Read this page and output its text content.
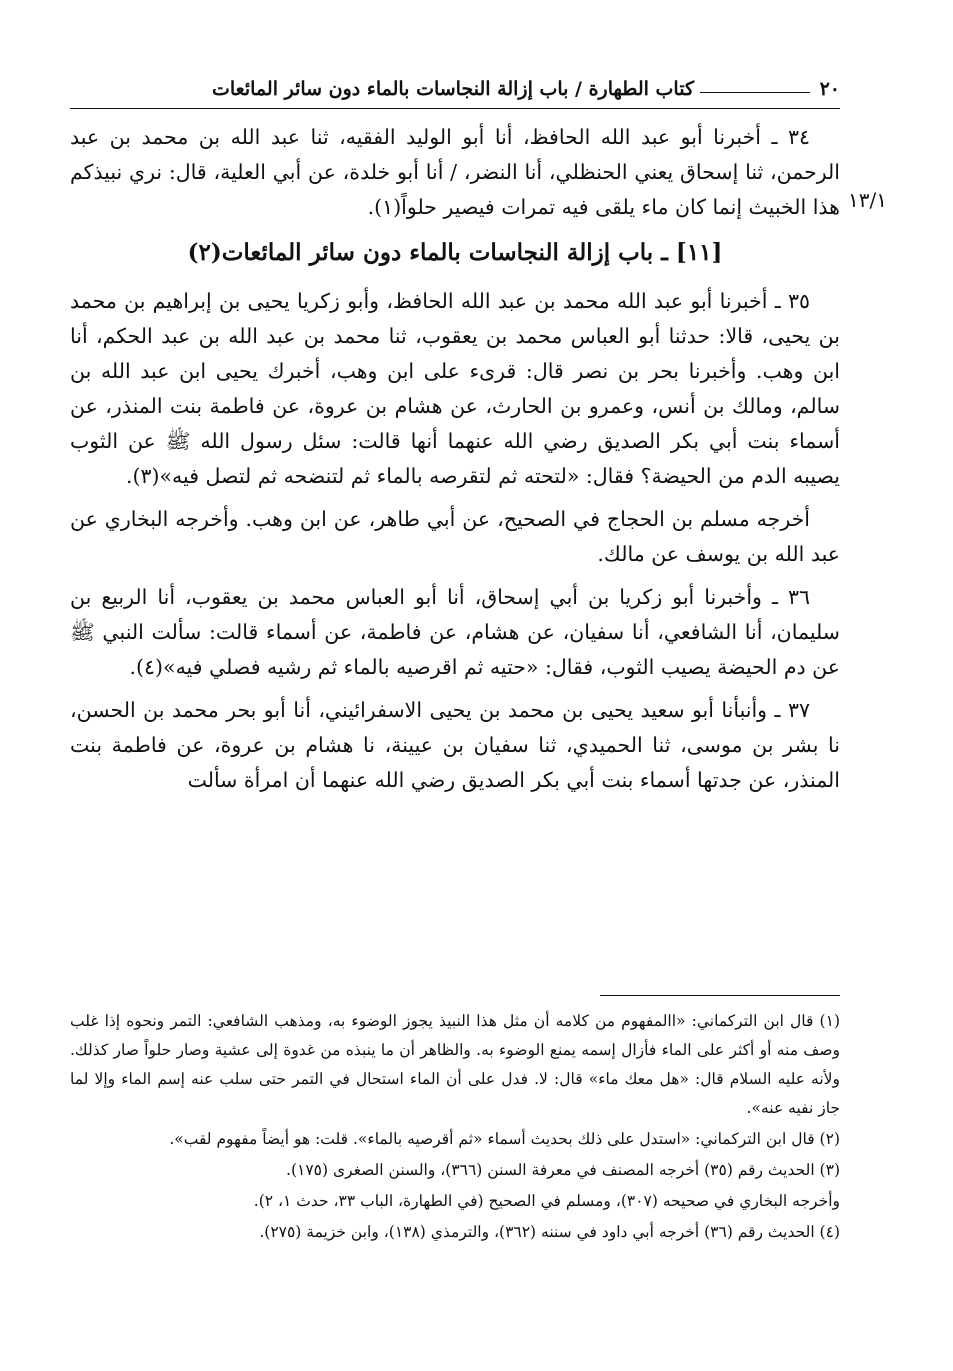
٢٠
كتاب الطهارة / باب إزالة النجاسات بالماء دون سائر المائعات

٣٤ ـ أخبرنا أبو عبد الله الحافظ، أنا أبو الوليد الفقيه، ثنا عبد الله بن محمد بن عبد الرحمن، ثنا إسحاق يعني الحنظلي، أنا النضر، / أنا أبو خلدة، عن أبي العلية، قال: نري نبيذكم هذا الخبيث إنما كان ماء يلقى فيه تمرات فيصير حلواً(١).

[١١] ـ باب إزالة النجاسات بالماء دون سائر المائعات(٢)

٣٥ ـ أخبرنا أبو عبد الله محمد بن عبد الله الحافظ، وأبو زكريا يحيى بن إبراهيم بن محمد بن يحيى، قالا: حدثنا أبو العباس محمد بن يعقوب، ثنا محمد بن عبد الله بن عبد الحكم، أنا ابن وهب. وأخبرنا بحر بن نصر قال: قرىء على ابن وهب، أخبرك يحيى ابن عبد الله بن سالم، ومالك بن أنس، وعمرو بن الحارث، عن هشام بن عروة، عن فاطمة بنت المنذر، عن أسماء بنت أبي بكر الصديق رضي الله عنهما أنها قالت: سئل رسول الله ﷺ عن الثوب يصيبه الدم من الحيضة؟ فقال: «لتحته ثم لتقرصه بالماء ثم لتنضحه ثم لتصل فيه»(٣).

أخرجه مسلم بن الحجاج في الصحيح، عن أبي طاهر، عن ابن وهب. وأخرجه البخاري عن عبد الله بن يوسف عن مالك.

٣٦ ـ وأخبرنا أبو زكريا بن أبي إسحاق، أنا أبو العباس محمد بن يعقوب، أنا الربيع بن سليمان، أنا الشافعي، أنا سفيان، عن هشام، عن فاطمة، عن أسماء قالت: سألت النبي ﷺ عن دم الحيضة يصيب الثوب، فقال: «حتيه ثم اقرصيه بالماء ثم رشيه فصلي فيه»(٤).

٣٧ ـ وأنبأنا أبو سعيد يحيى بن محمد بن يحيى الاسفرائيني، أنا أبو بحر محمد بن الحسن، نا بشر بن موسى، ثنا الحميدي، ثنا سفيان بن عيينة، نا هشام بن عروة، عن فاطمة بنت المنذر، عن جدتها أسماء بنت أبي بكر الصديق رضي الله عنهما أن امرأة سألت

١٣/١

(١) قال ابن التركماني: «االمفهوم من كلامه أن مثل هذا النبيذ يجوز الوضوء به، ومذهب الشافعي: التمر ونحوه إذا غلب وصف منه أو أكثر على الماء فأزال إسمه يمنع الوضوء به. والظاهر أن ما ينبذه من غدوة إلى عشية وصار حلواً صار كذلك. ولأنه عليه السلام قال: «هل معك ماء» قال: لا. فدل على أن الماء استحال في التمر حتى سلب عنه إسم الماء وإلا لما جاز نفيه عنه».

(٢) قال ابن التركماني: «استدل على ذلك بحديث أسماء «ثم أقرصيه بالماء». قلت: هو أيضاً مفهوم لقب».

(٣) الحديث رقم (٣٥) أخرجه المصنف في معرفة السنن (٣٦٦)، والسنن الصغرى (١٧٥).

وأخرجه البخاري في صحيحه (٣٠٧)، ومسلم في الصحيح (في الطهارة، الباب ٣٣، حدث ١، ٢).

(٤) الحديث رقم (٣٦) أخرجه أبي داود في سننه (٣٦٢)، والترمذي (١٣٨)، وابن خزيمة (٢٧٥).
